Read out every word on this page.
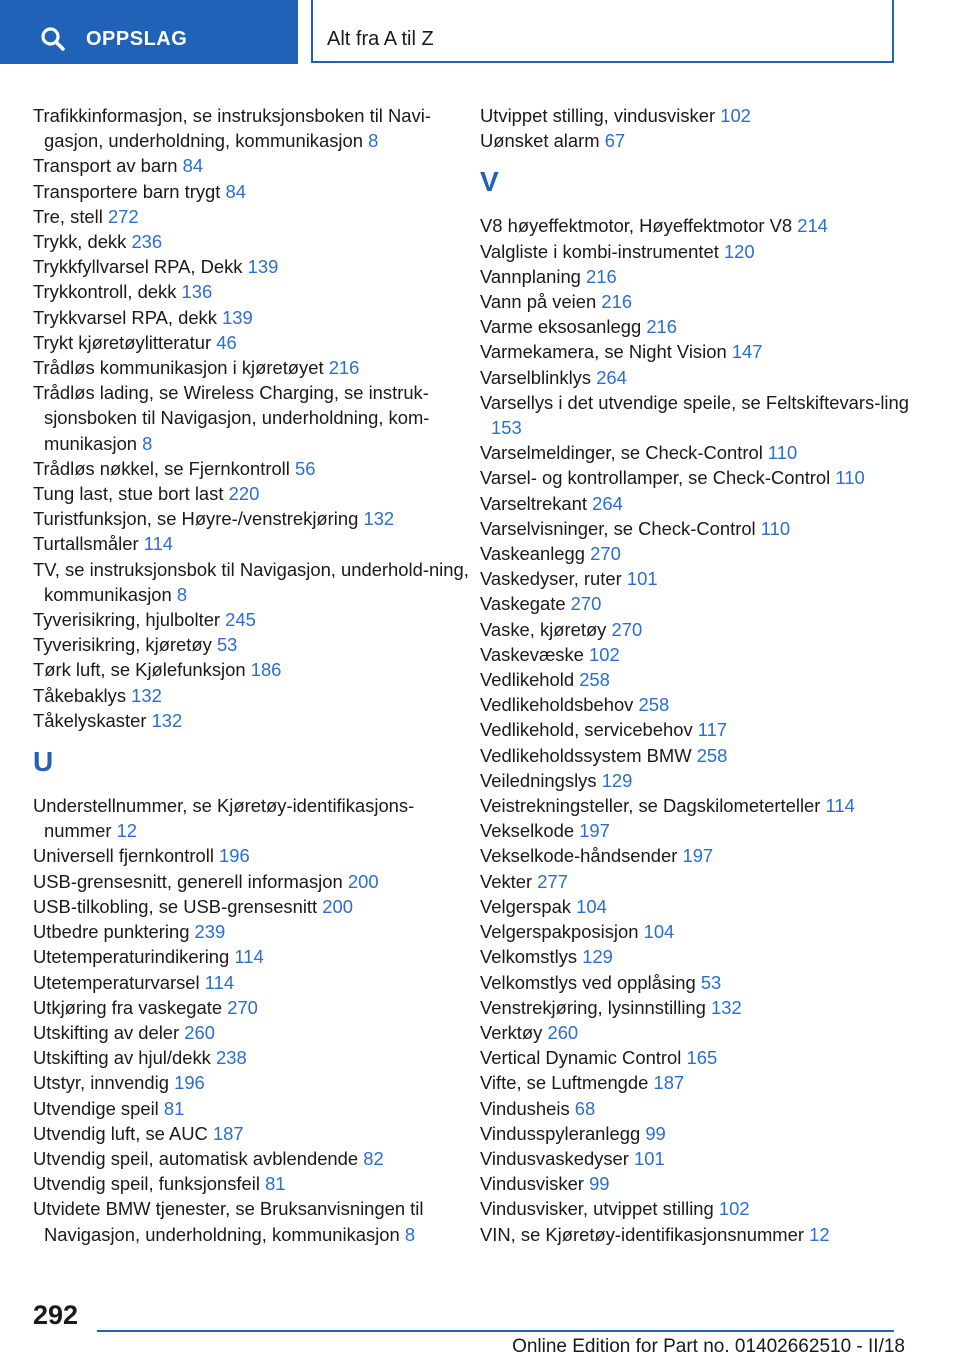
OPPSLAG	Alt fra A til Z
Trafikkinformasjon, se instruksjonsboken til Navi-gasjon, underholdning, kommunikasjon 8
Transport av barn 84
Transportere barn trygt 84
Tre, stell 272
Trykk, dekk 236
Trykkfyllvarsel RPA, Dekk 139
Trykkontroll, dekk 136
Trykkvarsel RPA, dekk 139
Trykt kjøretøylitteratur 46
Trådløs kommunikasjon i kjøretøyet 216
Trådløs lading, se Wireless Charging, se instruk-sjonsboken til Navigasjon, underholdning, kom-munikasjon 8
Trådløs nøkkel, se Fjernkontroll 56
Tung last, stue bort last 220
Turistfunksjon, se Høyre-/venstrekjøring 132
Turtallsmåler 114
TV, se instruksjonsbok til Navigasjon, underhold-ning, kommunikasjon 8
Tyverisikring, hjulbolter 245
Tyverisikring, kjøretøy 53
Tørk luft, se Kjølefunksjon 186
Tåkebaklys 132
Tåkelyskaster 132
U
Understellnummer, se Kjøretøy-identifikasjons-nummer 12
Universell fjernkontroll 196
USB-grensesnitt, generell informasjon 200
USB-tilkobling, se USB-grensesnitt 200
Utbedre punktering 239
Utetemperaturindikering 114
Utetemperaturvarsel 114
Utkjøring fra vaskegate 270
Utskifting av deler 260
Utskifting av hjul/dekk 238
Utstyr, innvendig 196
Utvendige speil 81
Utvendig luft, se AUC 187
Utvendig speil, automatisk avblendende 82
Utvendig speil, funksjonsfeil 81
Utvidete BMW tjenester, se Bruksanvisningen til Navigasjon, underholdning, kommunikasjon 8
Utvippet stilling, vindusvisker 102
Uønsket alarm 67
V
V8 høyeffektmotor, Høyeffektmotor V8 214
Valgliste i kombi-instrumentet 120
Vannplaning 216
Vann på veien 216
Varme eksosanlegg 216
Varmekamera, se Night Vision 147
Varselblinklys 264
Varsellys i det utvendige speile, se Feltskiftevars-ling 153
Varselmeldinger, se Check-Control 110
Varsel- og kontrollamper, se Check-Control 110
Varseltrekant 264
Varselvisninger, se Check-Control 110
Vaskeanlegg 270
Vaskedyser, ruter 101
Vaskegate 270
Vaske, kjøretøy 270
Vaskevæske 102
Vedlikehold 258
Vedlikeholdsbehov 258
Vedlikehold, servicebehov 117
Vedlikeholdssystem BMW 258
Veiledningslys 129
Veistrekningsteller, se Dagskilometerteller 114
Vekselkode 197
Vekselkode-håndsender 197
Vekter 277
Velgerspak 104
Velgerspakposisjon 104
Velkomstlys 129
Velkomstlys ved opplåsing 53
Venstrekjøring, lysinnstilling 132
Verktøy 260
Vertical Dynamic Control 165
Vifte, se Luftmengde 187
Vindusheis 68
Vindusspyleranlegg 99
Vindusvaskedyser 101
Vindusvisker 99
Vindusvisker, utvippet stilling 102
VIN, se Kjøretøy-identifikasjonsnummer 12
292
Online Edition for Part no. 01402662510 - II/18
